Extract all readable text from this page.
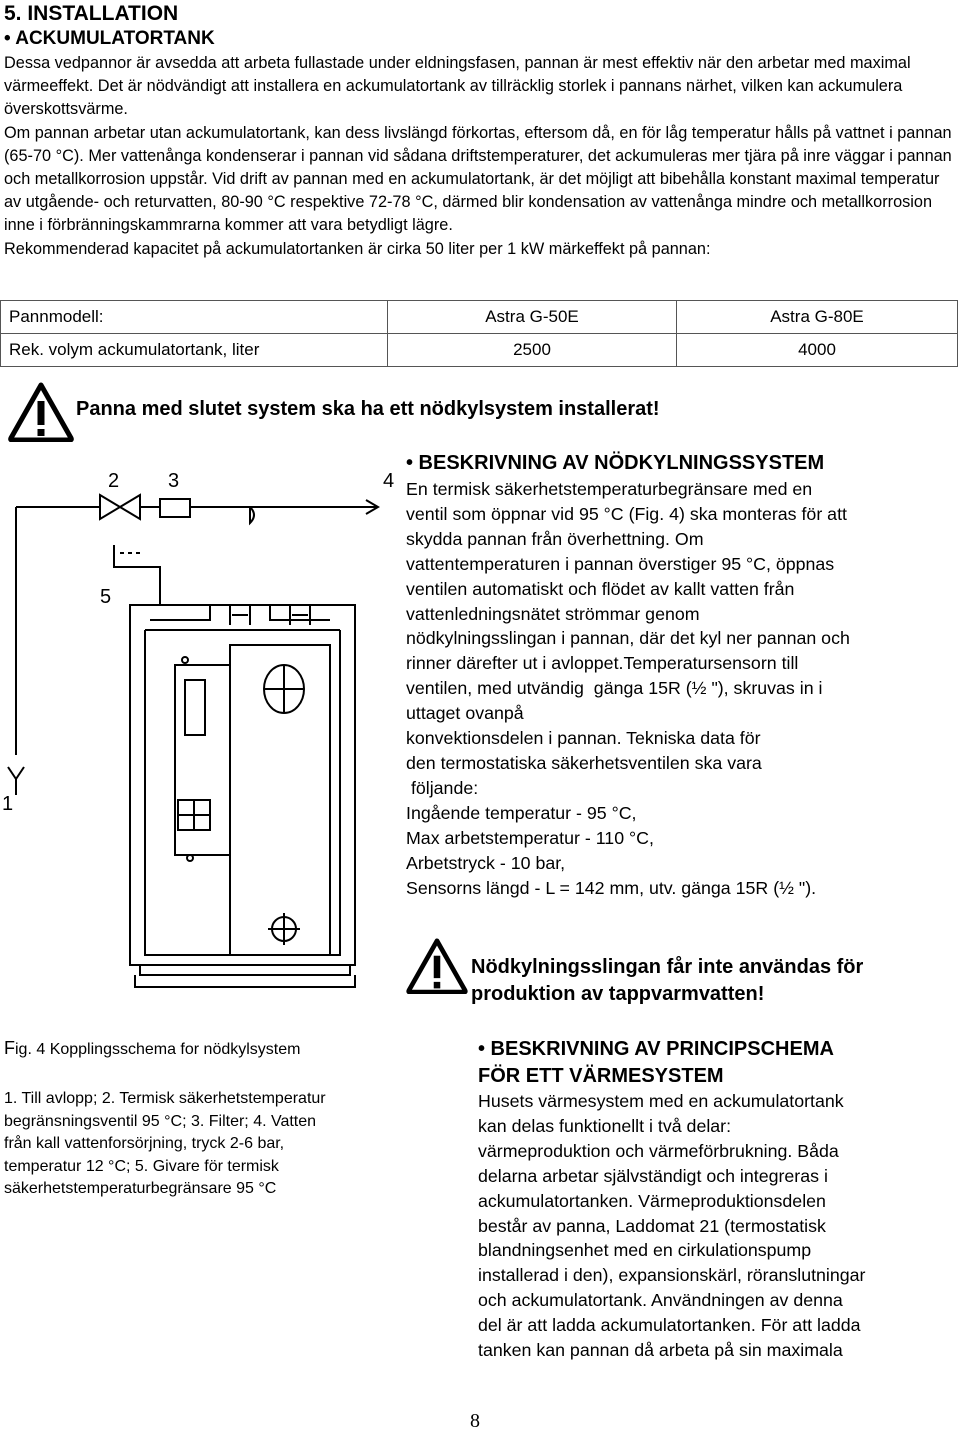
5. INSTALLATION
• ACKUMULATORTANK

Dessa vedpannor är avsedda att arbeta fullastade under eldningsfasen, pannan är mest effektiv när den arbetar med maximal värmeeffekt. Det är nödvändigt att installera en ackumulatortank av tillräcklig storlek i pannans närhet, vilken kan ackumulera överskottsvärme.

Om pannan arbetar utan ackumulatortank, kan dess livslängd förkortas, eftersom då, en för låg temperatur hålls på vattnet i pannan (65-70 °C). Mer vattenånga kondenserar i pannan vid sådana driftstemperaturer, det ackumuleras mer tjära på inre väggar i pannan och metallkorrosion uppstår. Vid drift av pannan med en ackumulatortank, är det möjligt att bibehålla konstant maximal temperatur av utgående- och returvatten, 80-90 °C respektive 72-78 °C, därmed blir kondensation av vattenånga mindre och metallkorrosion inne i förbränningskammrarna kommer att vara betydligt lägre.

Rekommenderad kapacitet på ackumulatortanken är cirka 50 liter per 1 kW märkeffekt på pannan:

Pannmodell:	Astra G-50E	Astra G-80E
Rek. volym ackumulatortank, liter	2500	4000
Panna med slutet system ska ha ett nödkylsystem installerat!
1
2 3	4
5
• BESKRIVNING AV NÖDKYLNINGSSYSTEM
En termisk säkerhetstemperaturbegränsare med en
ventil som öppnar vid 95 °C (Fig. 4) ska monteras för att
skydda pannan från överhettning. Om
vattentemperaturen i pannan överstiger 95 °C, öppnas
ventilen automatiskt och flödet av kallt vatten från
vattenledningsnätet strömmar genom
nödkylningsslingan i pannan, där det kyl ner pannan och
rinner därefter ut i avloppet.Temperatursensorn till
ventilen, med utvändig  gänga 15R (½ "), skruvas in i
uttaget ovanpå
konvektionsdelen i pannan. Tekniska data för
den termostatiska säkerhetsventilen ska vara
följande:
Ingående temperatur - 95 °C,
Max arbetstemperatur - 110 °C,
Arbetstryck - 10 bar,
Sensorns längd - L = 142 mm, utv. gänga 15R (½ ").
Nödkylningsslingan får inte användas för
produktion av tappvarmvatten!
Fig. 4 Kopplingsschema for nödkylsystem
1. Till avlopp; 2. Termisk säkerhetstemperatur
begränsningsventil 95 °C; 3. Filter; 4. Vatten
från kall vattenforsörjning, tryck 2-6 bar,
temperatur 12 °C; 5. Givare för termisk
säkerhetstemperaturbegränsare 95 °C
• BESKRIVNING AV PRINCIPSCHEMA
FÖR ETT VÄRMESYSTEM
Husets värmesystem med en ackumulatortank
kan delas funktionellt i två delar:
värmeproduktion och värmeförbrukning. Båda
delarna arbetar självständigt och integreras i
ackumulatortanken. Värmeproduktionsdelen
består av panna, Laddomat 21 (termostatisk
blandningsenhet med en cirkulationspump
installerad i den), expansionskärl, röranslutningar
och ackumulatortank. Användningen av denna
del är att ladda ackumulatortanken. För att ladda
tanken kan pannan då arbeta på sin maximala
8
